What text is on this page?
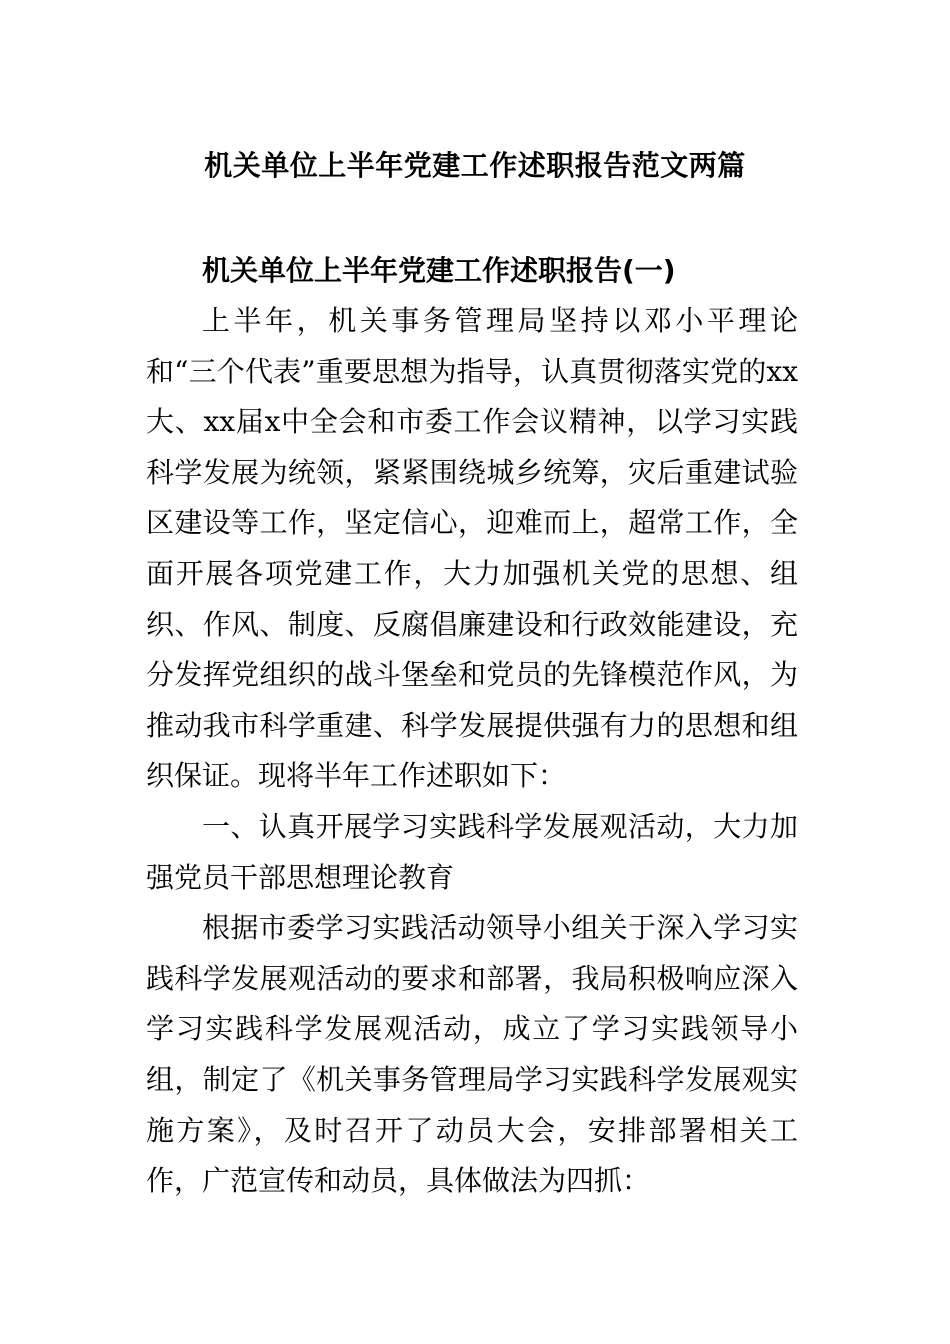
机关单位上半年党建工作述职报告范文两篇

机关单位上半年党建工作述职报告(一)

上半年，机关事务管理局坚持以邓小平理论和“三个代表”重要思想为指导，认真贯彻落实党的xx大、xx届x中全会和市委工作会议精神，以学习实践科学发展为统领，紧紧围绕城乡统筹，灾后重建试验区建设等工作，坚定信心，迎难而上，超常工作，全面开展各项党建工作，大力加强机关党的思想、组织、作风、制度、反腐倡廉建设和行政效能建设，充分发挥党组织的战斗堡垒和党员的先锋模范作风，为推动我市科学重建、科学发展提供强有力的思想和组织保证。现将半年工作述职如下：

一、认真开展学习实践科学发展观活动，大力加强党员干部思想理论教育

根据市委学习实践活动领导小组关于深入学习实践科学发展观活动的要求和部署，我局积极响应深入学习实践科学发展观活动，成立了学习实践领导小组，制定了《机关事务管理局学习实践科学发展观实施方案》，及时召开了动员大会，安排部署相关工作，广范宣传和动员，具体做法为四抓：
